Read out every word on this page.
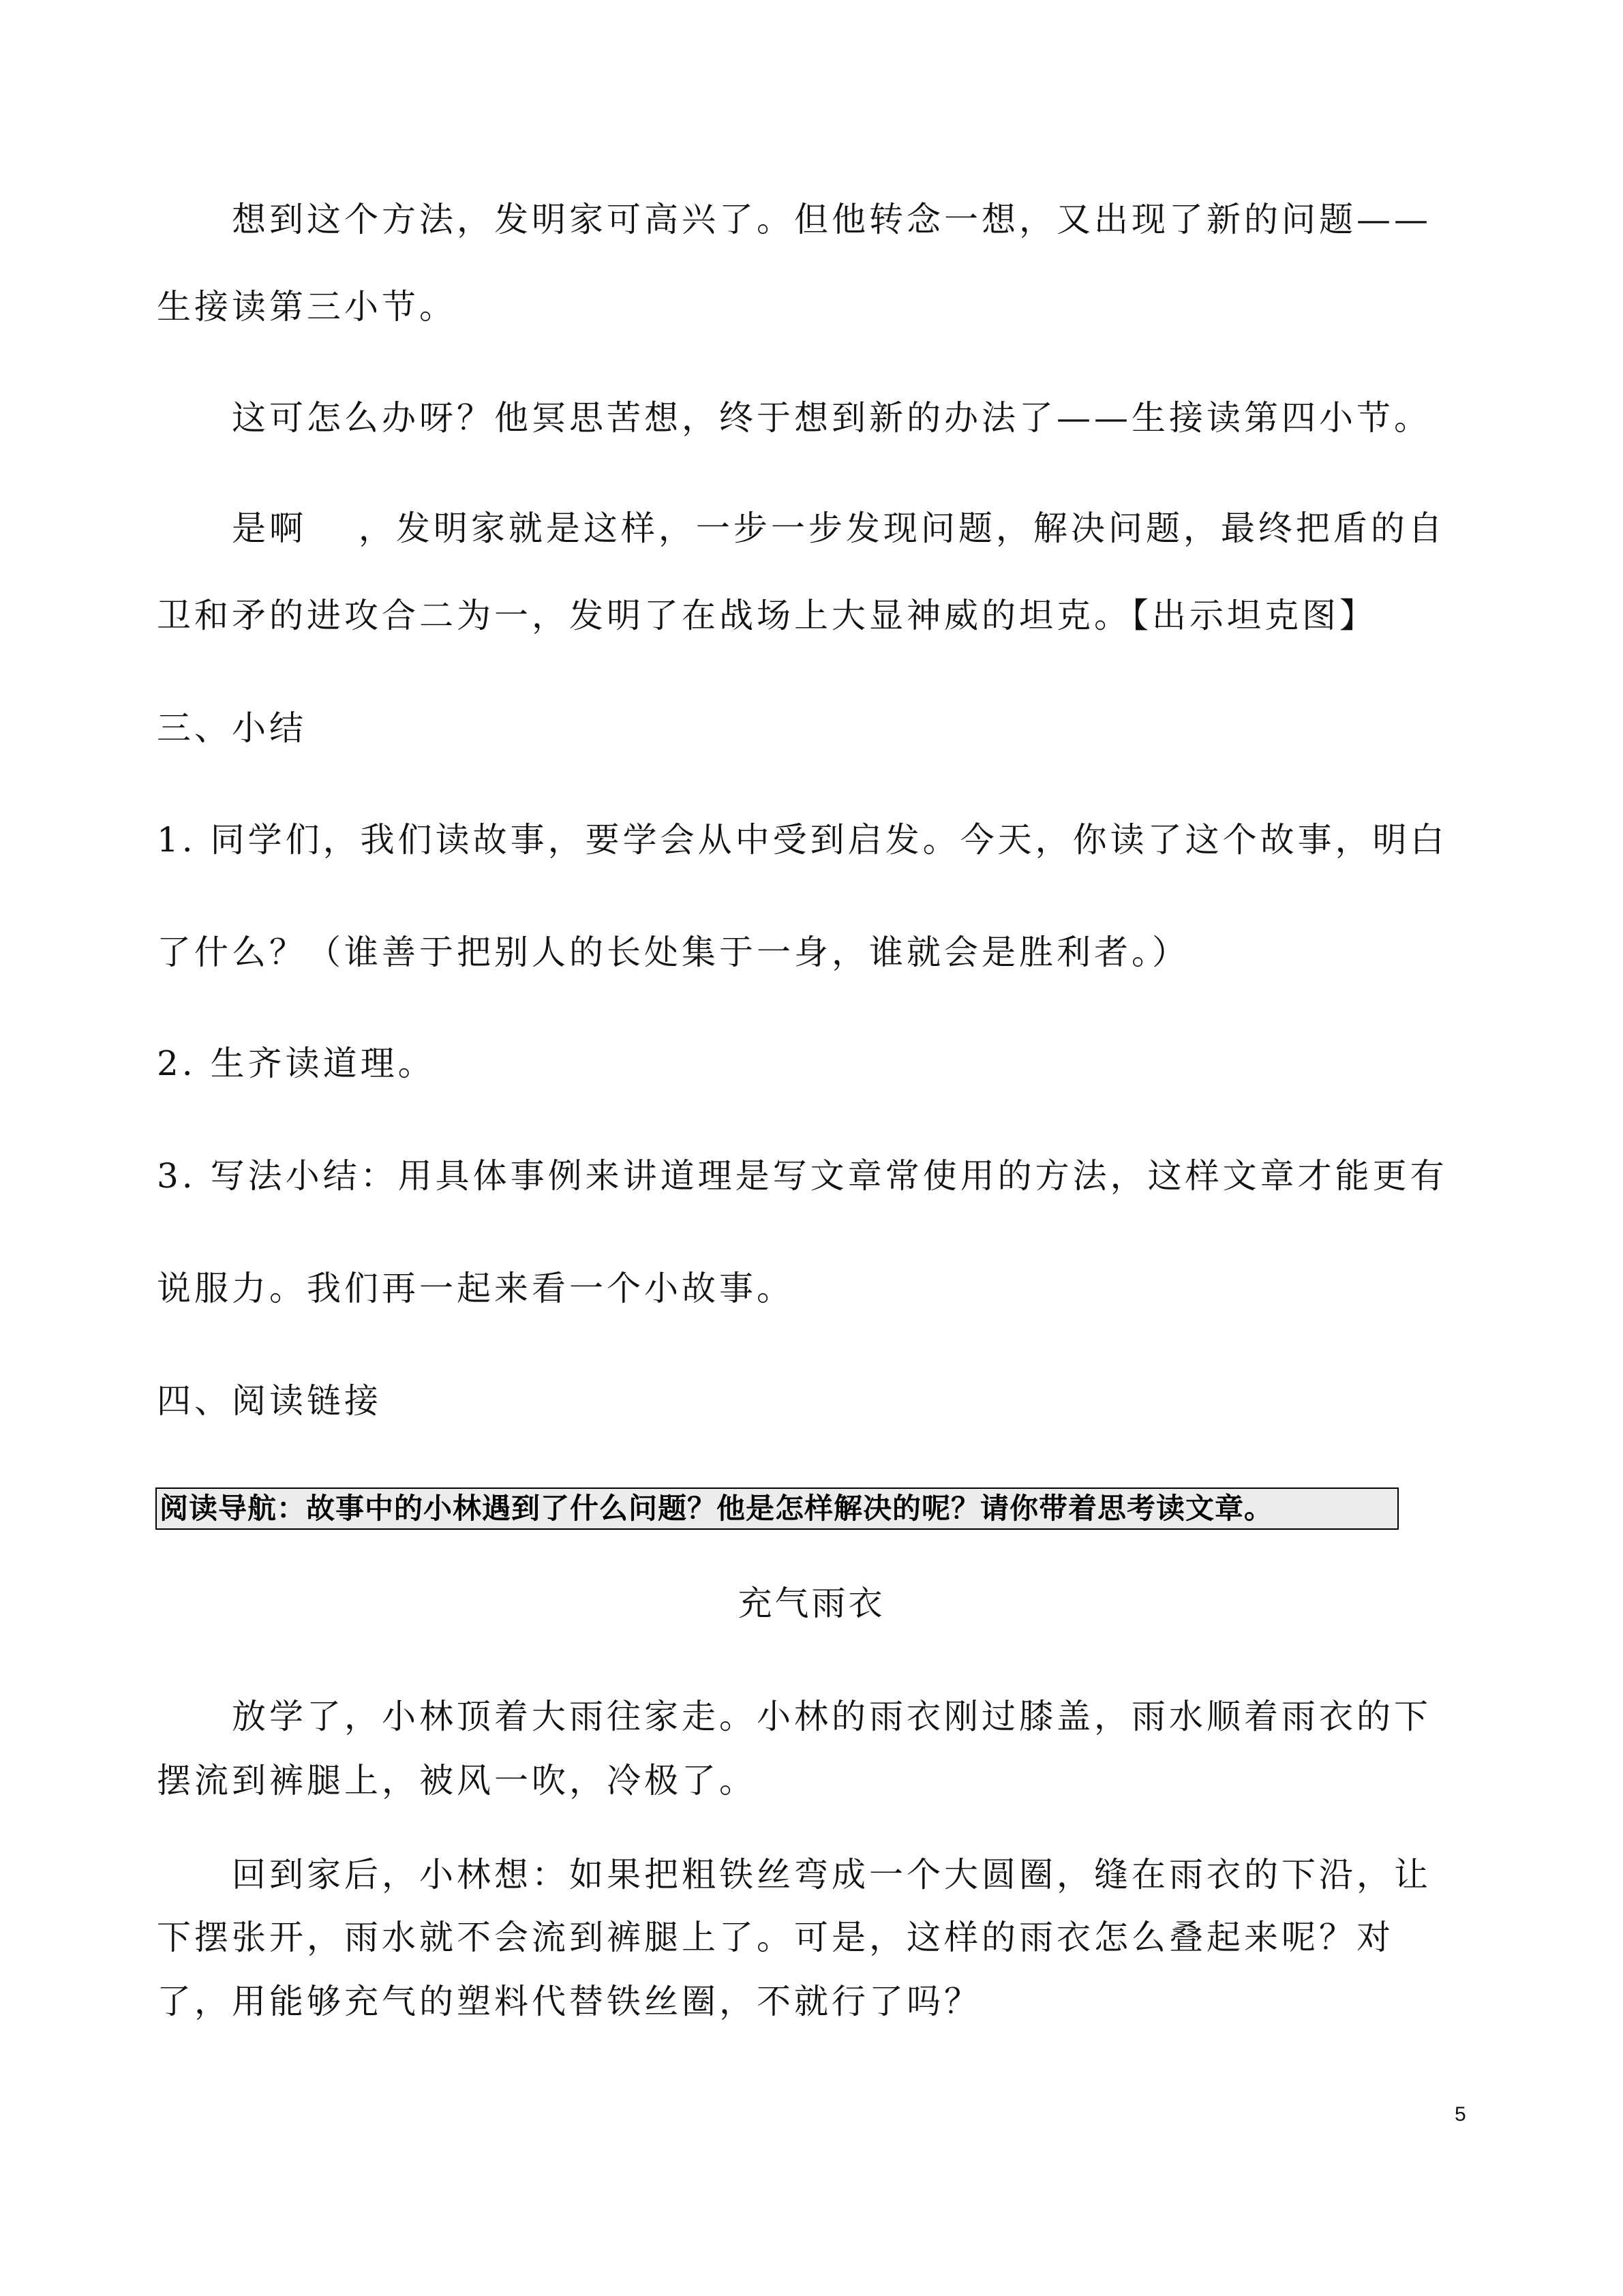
想到这个方法，发明家可高兴了。但他转念一想，又出现了新的问题——
生接读第三小节。
这可怎么办呀？他冥思苦想，终于想到新的办法了——生接读第四小节。
是啊　 ，发明家就是这样，一步一步发现问题，解决问题，最终把盾的自
卫和矛的进攻合二为一，发明了在战场上大显神威的坦克。【出示坦克图】
三、小结
1. 同学们，我们读故事，要学会从中受到启发。今天，你读了这个故事，明白
了什么？（谁善于把别人的长处集于一身，谁就会是胜利者。）
2. 生齐读道理。
3. 写法小结：用具体事例来讲道理是写文章常使用的方法，这样文章才能更有
说服力。我们再一起来看一个小故事。
四、阅读链接
阅读导航：故事中的小林遇到了什么问题？他是怎样解决的呢？请你带着思考读文章。
充气雨衣
放学了，小林顶着大雨往家走。小林的雨衣刚过膝盖，雨水顺着雨衣的下
摆流到裤腿上，被风一吹，冷极了。
回到家后，小林想：如果把粗铁丝弯成一个大圆圈，缝在雨衣的下沿，让
下摆张开，雨水就不会流到裤腿上了。可是，这样的雨衣怎么叠起来呢？对
了，用能够充气的塑料代替铁丝圈，不就行了吗？
5
